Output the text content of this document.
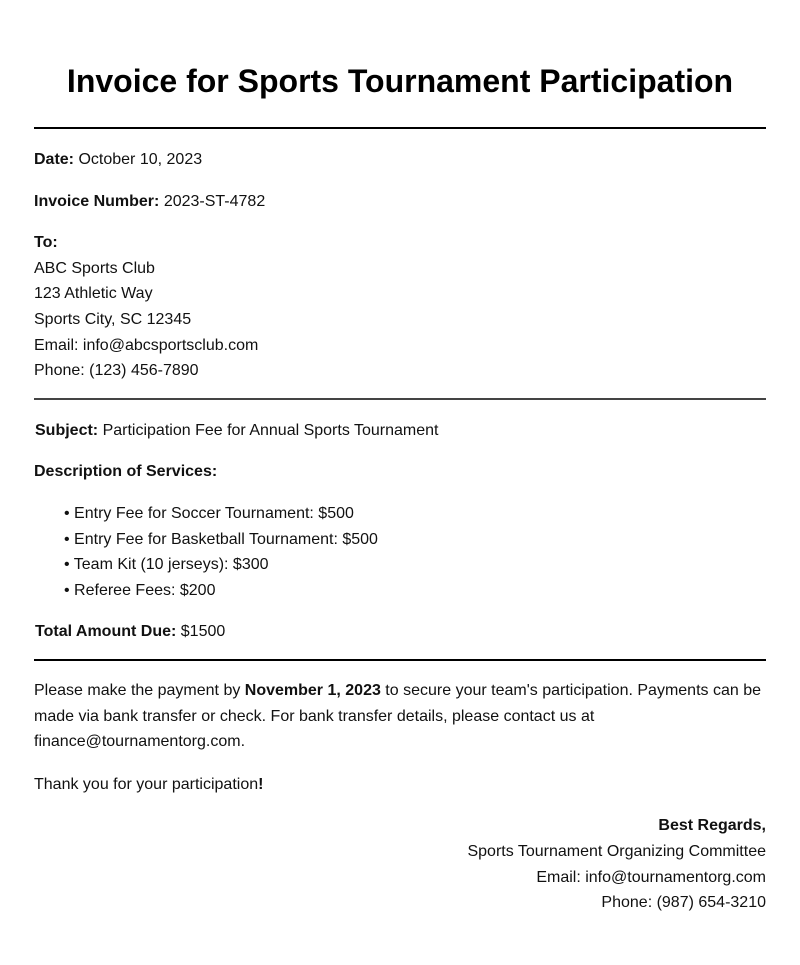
Invoice for Sports Tournament Participation
Date: October 10, 2023
Invoice Number: 2023-ST-4782
To:
ABC Sports Club
123 Athletic Way
Sports City, SC 12345
Email: info@abcsportsclub.com
Phone: (123) 456-7890
Subject: Participation Fee for Annual Sports Tournament
Description of Services:
• Entry Fee for Soccer Tournament: $500
• Entry Fee for Basketball Tournament: $500
• Team Kit (10 jerseys): $300
• Referee Fees: $200
Total Amount Due: $1500
Please make the payment by November 1, 2023 to secure your team's participation. Payments can be made via bank transfer or check. For bank transfer details, please contact us at finance@tournamentorg.com.
Thank you for your participation!
Best Regards,
Sports Tournament Organizing Committee
Email: info@tournamentorg.com
Phone: (987) 654-3210
